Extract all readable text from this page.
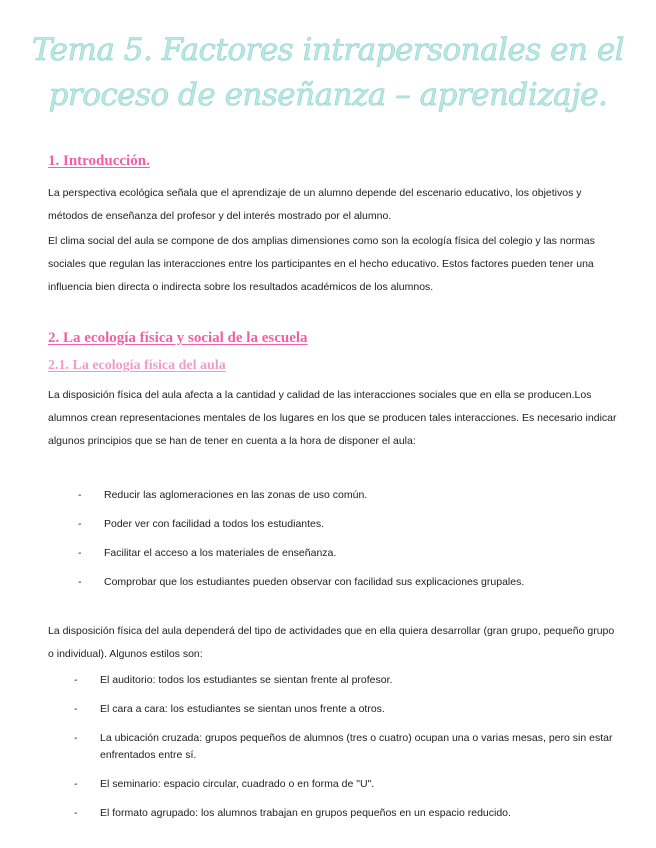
Tema 5. Factores intrapersonales en el proceso de enseñanza – aprendizaje.
1. Introducción.
La perspectiva ecológica señala que el aprendizaje de un alumno depende del escenario educativo, los objetivos y métodos de enseñanza del profesor y del interés mostrado por el alumno.
El clima social del aula se compone de dos amplias dimensiones como son la ecología física del colegio y las normas sociales que regulan las interacciones entre los participantes en el hecho educativo. Estos factores pueden tener una influencia bien directa o indirecta sobre los resultados académicos de los alumnos.
2. La ecología física y social de la escuela
2.1. La ecología física del aula
La disposición física del aula afecta a la cantidad y calidad de las interacciones sociales que en ella se producen.Los alumnos crean representaciones mentales de los lugares en los que se producen tales interacciones. Es necesario indicar algunos principios que se han de tener en cuenta a la hora de disponer el aula:
- Reducir las aglomeraciones en las zonas de uso común.
- Poder ver con facilidad a todos los estudiantes.
- Facilitar el acceso a los materiales de enseñanza.
- Comprobar que los estudiantes pueden observar con facilidad sus explicaciones grupales.
La disposición física del aula dependerá del tipo de actividades que en ella quiera desarrollar (gran grupo, pequeño grupo o individual). Algunos estilos son:
- El auditorio: todos los estudiantes se sientan frente al profesor.
- El cara a cara: los estudiantes se sientan unos frente a otros.
- La ubicación cruzada: grupos pequeños de alumnos (tres o cuatro) ocupan una o varias mesas, pero sin estar enfrentados entre sí.
- El seminario: espacio circular, cuadrado o en forma de "U".
- El formato agrupado: los alumnos trabajan en grupos pequeños en un espacio reducido.
